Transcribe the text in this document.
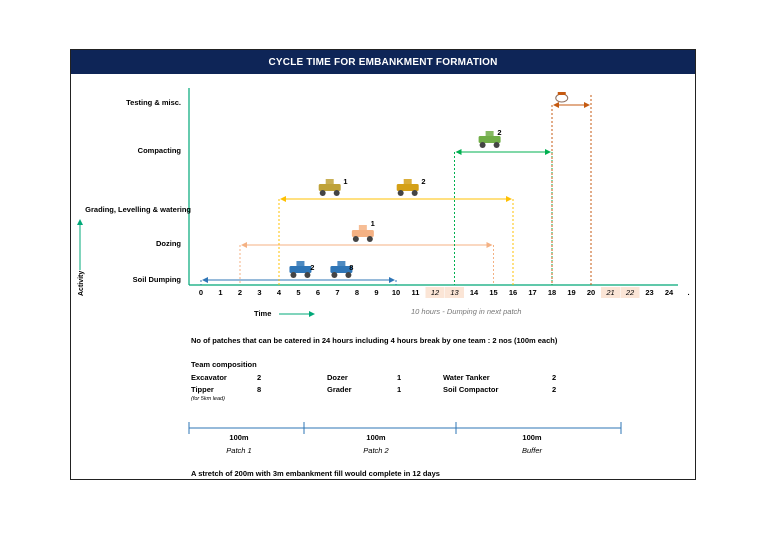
CYCLE TIME FOR EMBANKMENT FORMATION
Activity
Time
0 1 2 3 4 5 6 7 8 9 10 11 12 13 14 15 16 17 18 19 20 21 22 23 24 .
2	8
1
1	2
2
Testing & misc.
Compacting
Grading, Levelling & watering
Dozing
Soil Dumping
10 hours - Dumping in next patch
No of patches that can be catered in 24 hours including 4 hours break by one team : 2 nos (100m each)
Team composition
Excavator	2	Dozer	1	Water Tanker	2
Tipper	8	Grader	1	Soil Compactor	2
(for 5km lead)
100m
Patch 1
100m
Patch 2
100m
Buffer
A stretch of 200m with 3m embankment fill would complete in 12 days
